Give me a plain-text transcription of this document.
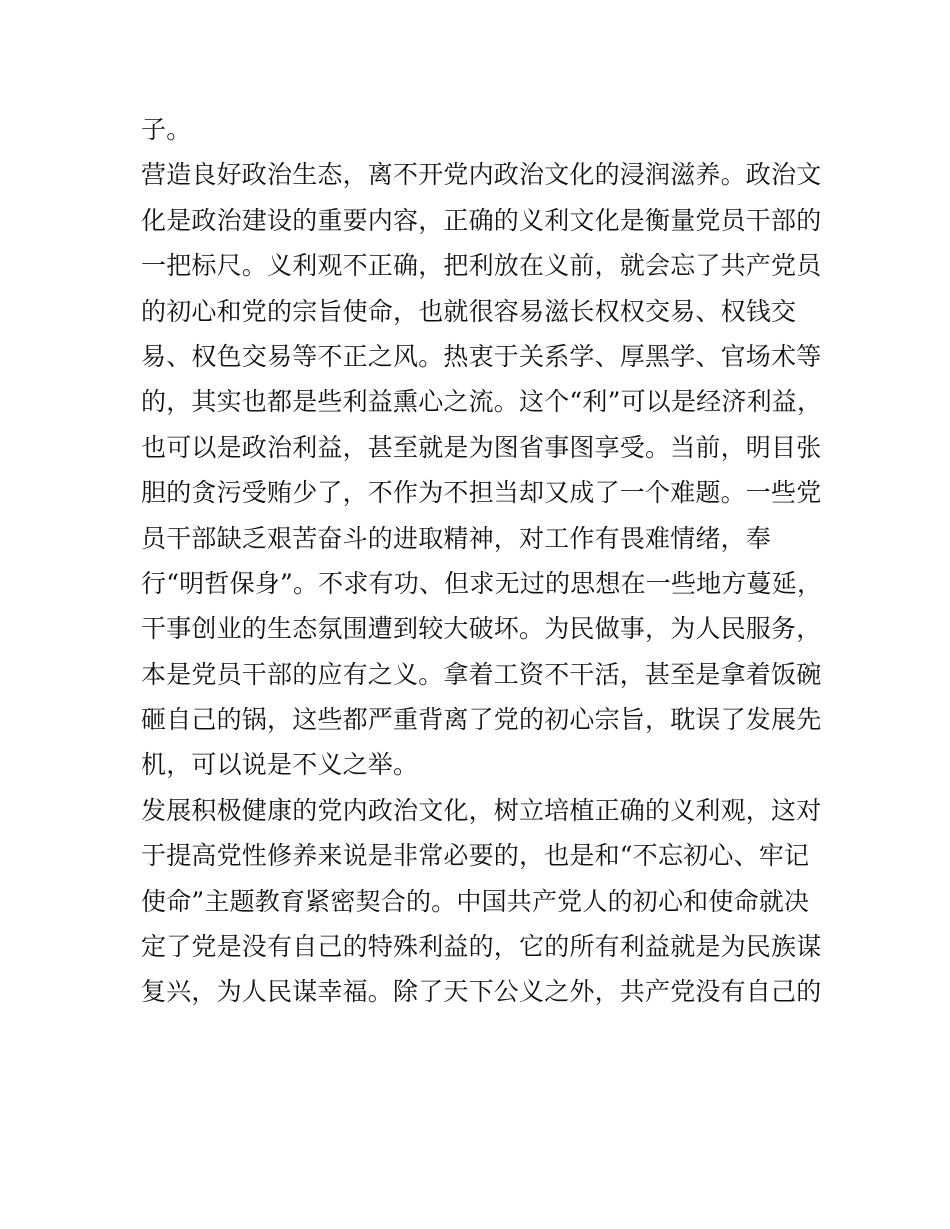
子。
营造良好政治生态，离不开党内政治文化的浸润滋养。政治文
化是政治建设的重要内容，正确的义利文化是衡量党员干部的
一把标尺。义利观不正确，把利放在义前，就会忘了共产党员
的初心和党的宗旨使命，也就很容易滋长权权交易、权钱交
易、权色交易等不正之风。热衷于关系学、厚黑学、官场术等
的，其实也都是些利益熏心之流。这个“利”可以是经济利益，
也可以是政治利益，甚至就是为图省事图享受。当前，明目张
胆的贪污受贿少了，不作为不担当却又成了一个难题。一些党
员干部缺乏艰苦奋斗的进取精神，对工作有畏难情绪，奉
行“明哲保身”。不求有功、但求无过的思想在一些地方蔓延，
干事创业的生态氛围遭到较大破坏。为民做事，为人民服务，
本是党员干部的应有之义。拿着工资不干活，甚至是拿着饭碗
砸自己的锅，这些都严重背离了党的初心宗旨，耽误了发展先
机，可以说是不义之举。
发展积极健康的党内政治文化，树立培植正确的义利观，这对
于提高党性修养来说是非常必要的，也是和“不忘初心、牢记
使命”主题教育紧密契合的。中国共产党人的初心和使命就决
定了党是没有自己的特殊利益的，它的所有利益就是为民族谋
复兴，为人民谋幸福。除了天下公义之外，共产党没有自己的
